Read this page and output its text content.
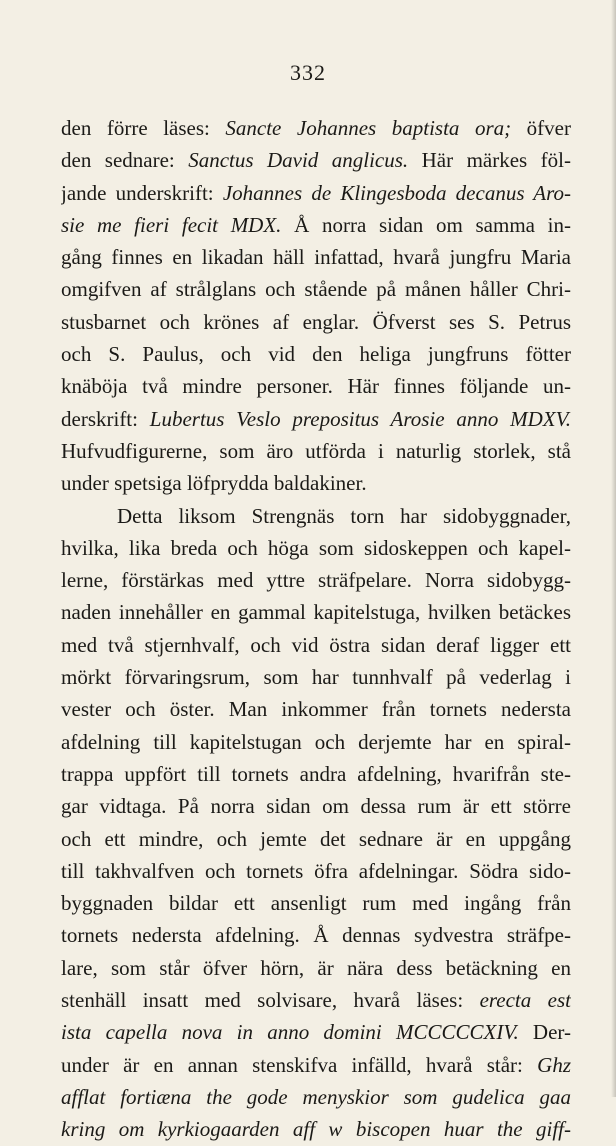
332
den förre läses: Sancte Johannes baptista ora; öfver
den sednare: Sanctus David anglicus. Här märkes föl-
jande underskrift: Johannes de Klingesboda decanus Aro-
sie me fieri fecit MDX. Å norra sidan om samma in-
gång finnes en likadan häll infattad, hvarå jungfru Maria
omgifven af strålglans och stående på månen håller Chri-
stusbarnet och krönes af englar. Öfverst ses S. Petrus
och S. Paulus, och vid den heliga jungfruns fötter
knäböja två mindre personer. Här finnes följande un-
derskrift: Lubertus Veslo prepositus Arosie anno MDXV.
Hufvudfigurerne, som äro utförda i naturlig storlek, stå
under spetsiga löfprydda baldakiner.
Detta liksom Strengnäs torn har sidobyggnader,
hvilka, lika breda och höga som sidoskeppen och kapel-
lerne, förstärkas med yttre sträfpelare. Norra sidobygg-
naden innehåller en gammal kapitelstuga, hvilken betäckes
med två stjernhvalf, och vid östra sidan deraf ligger ett
mörkt förvaringsrum, som har tunnhvalf på vederlag i
vester och öster. Man inkommer från tornets nedersta
afdelning till kapitelstugan och derjemte har en spiral-
trappa uppfört till tornets andra afdelning, hvarifrån ste-
gar vidtaga. På norra sidan om dessa rum är ett större
och ett mindre, och jemte det sednare är en uppgång
till takhvalfven och tornets öfra afdelningar. Södra sido-
byggnaden bildar ett ansenligt rum med ingång från
tornets nedersta afdelning. Å dennas sydvestra sträfpe-
lare, som står öfver hörn, är nära dess betäckning en
stenhäll insatt med solvisare, hvarå läses: erecta est
ista capella nova in anno domini MCCCCCXIV. Der-
under är en annan stenskifva infälld, hvarå står: Ghz
afflat fortiæna the gode menyskior som gudelica gaa
kring om kyrkiogaarden aff w biscopen huar the giff-
